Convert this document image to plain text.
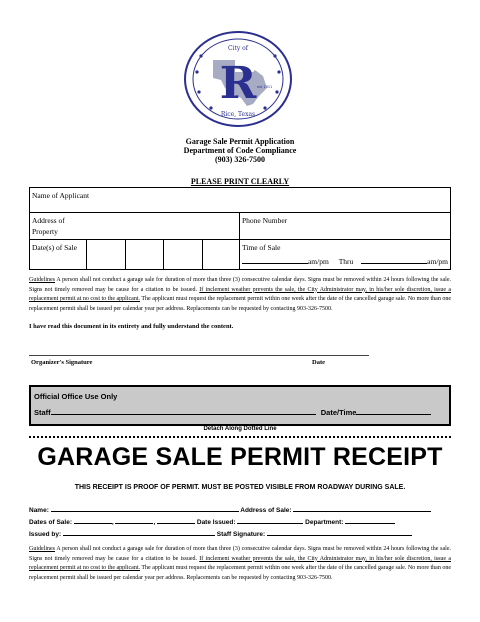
R
City of
Rice, Texas
est 1911
Garage Sale Permit Application
Department of Code Compliance
(903) 326-7500
PLEASE PRINT CLEARLY
Name of Applicant					

Address of Property					Phone Number

Date(s) of Sale					Time of Sale
am/pm Thru am/pm
Guidelines A person shall not conduct a garage sale for duration of more than three (3) consecutive calendar days. Signs must be removed within 24 hours following the sale. Signs not timely removed may be cause for a citation to be issued. If inclement weather prevents the sale, the City Administrator may, in his/her sole discretion, issue a replacement permit at no cost to the applicant. The applicant must request the replacement permit within one week after the date of the cancelled garage sale. No more than one replacement permit shall be issued per calendar year per address. Replacements can be requested by contacting 903-326-7500.
I have read this document in its entirety and fully understand the content.
Organizer's Signature	Date
Official Office Use Only
Staff	Date/Time
Detach Along Dotted Line
GARAGE SALE PERMIT RECEIPT
THIS RECEIPT IS PROOF OF PERMIT. MUST BE POSTED VISIBLE FROM ROADWAY DURING SALE.
Name:	Address of Sale:
Dates of Sale:	,	,	Date Issued:	Department:
Issued by:	Staff Signature:
Guidelines A person shall not conduct a garage sale for duration of more than three (3) consecutive calendar days. Signs must be removed within 24 hours following the sale. Signs not timely removed may be cause for a citation to be issued. If inclement weather prevents the sale, the City Administrator may, in his/her sole discretion, issue a replacement permit at no cost to the applicant. The applicant must request the replacement permit within one week after the date of the cancelled garage sale. No more than one replacement permit shall be issued per calendar year per address. Replacements can be requested by contacting 903-326-7500.
